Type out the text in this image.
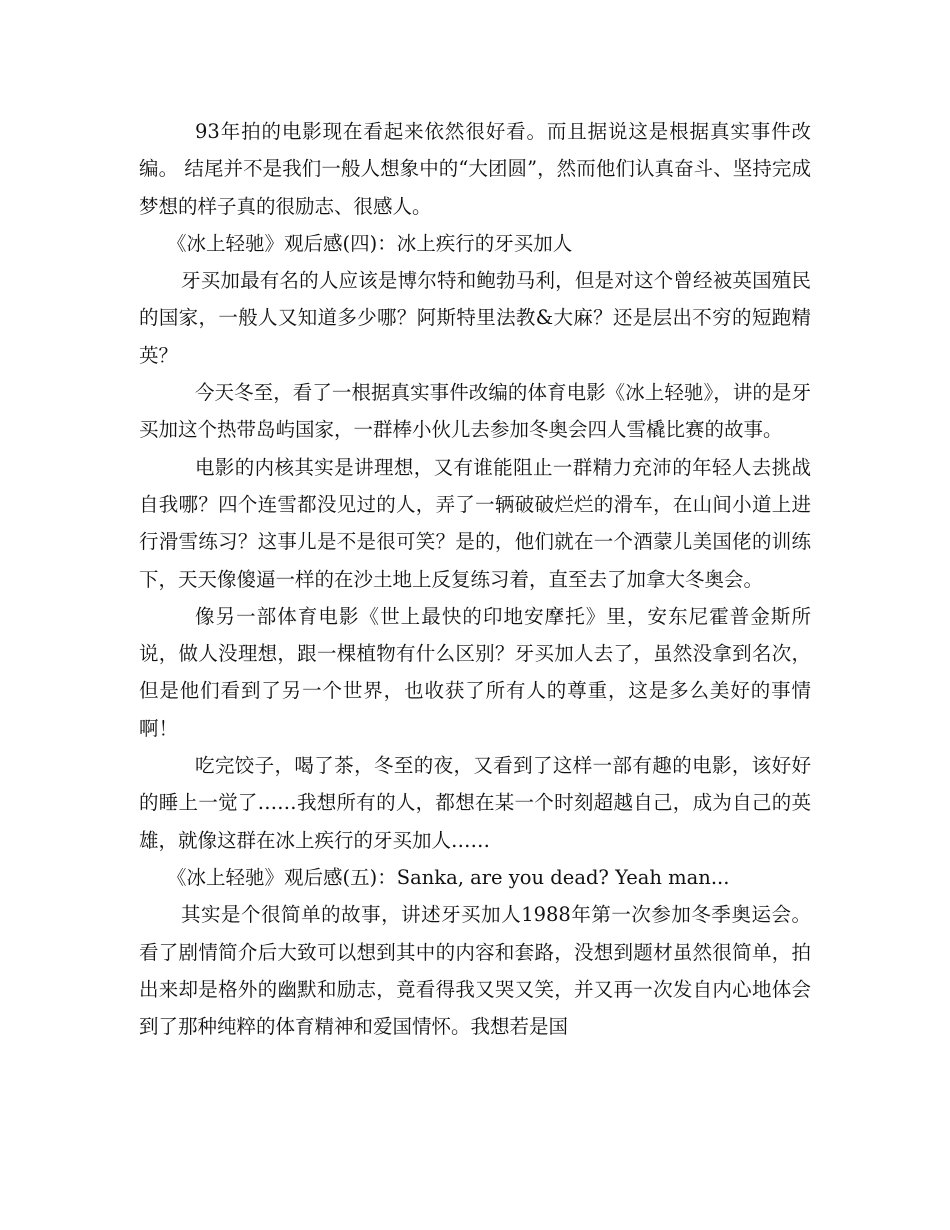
93年拍的电影现在看起来依然很好看。而且据说这是根据真实事件改编。 结尾并不是我们一般人想象中的“大团圆”，然而他们认真奋斗、坚持完成梦想的样子真的很励志、很感人。

《冰上轻驰》观后感(四)：冰上疾行的牙买加人

牙买加最有名的人应该是博尔特和鲍勃马利，但是对这个曾经被英国殖民的国家，一般人又知道多少哪？阿斯特里法教&大麻？还是层出不穷的短跑精英？

今天冬至，看了一根据真实事件改编的体育电影《冰上轻驰》，讲的是牙买加这个热带岛屿国家，一群棒小伙儿去参加冬奥会四人雪橇比赛的故事。

电影的内核其实是讲理想，又有谁能阻止一群精力充沛的年轻人去挑战自我哪？四个连雪都没见过的人，弄了一辆破破烂烂的滑车，在山间小道上进行滑雪练习？这事儿是不是很可笑？是的，他们就在一个酒蒙儿美国佬的训练下，天天像傻逼一样的在沙土地上反复练习着，直至去了加拿大冬奥会。

像另一部体育电影《世上最快的印地安摩托》里，安东尼霍普金斯所说，做人没理想，跟一棵植物有什么区别？牙买加人去了，虽然没拿到名次，但是他们看到了另一个世界，也收获了所有人的尊重，这是多么美好的事情啊！

吃完饺子，喝了茶，冬至的夜，又看到了这样一部有趣的电影，该好好的睡上一觉了……我想所有的人，都想在某一个时刻超越自己，成为自己的英雄，就像这群在冰上疾行的牙买加人……

《冰上轻驰》观后感(五)：Sanka, are you dead? Yeah man...

其实是个很简单的故事，讲述牙买加人1988年第一次参加冬季奥运会。看了剧情简介后大致可以想到其中的内容和套路，没想到题材虽然很简单，拍出来却是格外的幽默和励志，竟看得我又哭又笑，并又再一次发自内心地体会到了那种纯粹的体育精神和爱国情怀。我想若是国
